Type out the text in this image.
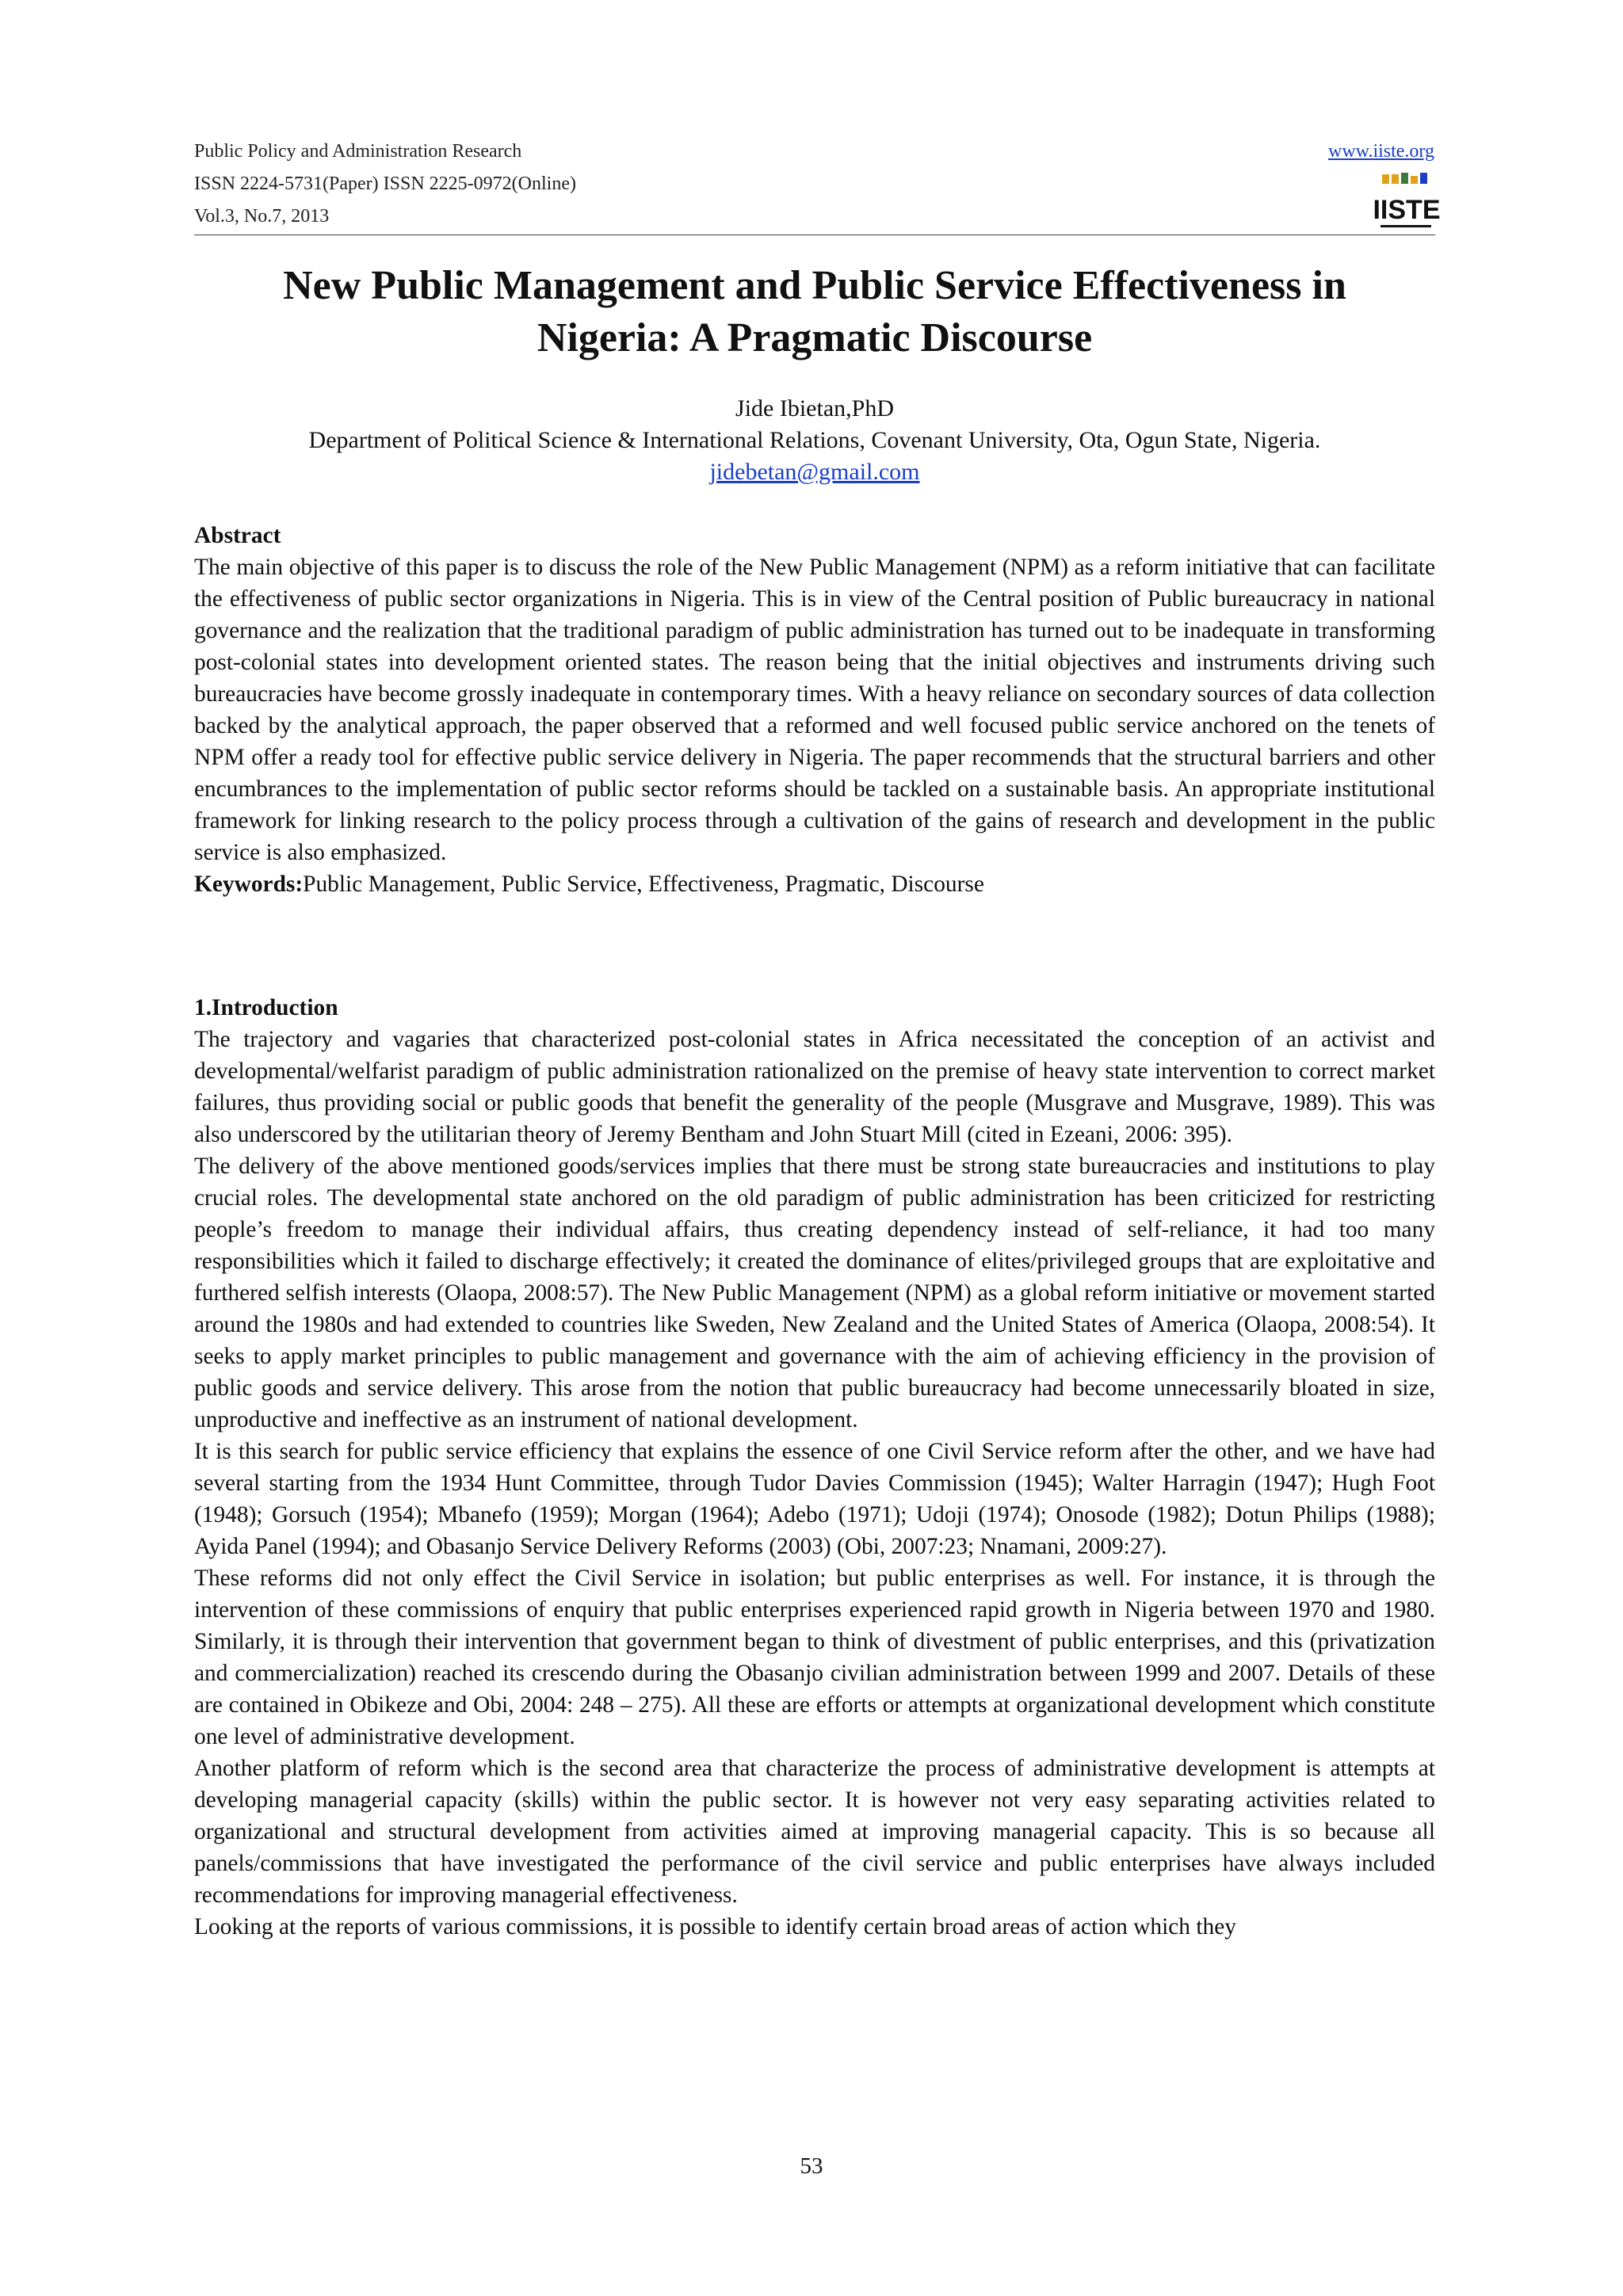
Public Policy and Administration Research
ISSN 2224-5731(Paper) ISSN 2225-0972(Online)
Vol.3, No.7, 2013
www.iiste.org
IISTE
New Public Management and Public Service Effectiveness in
Nigeria: A Pragmatic Discourse
Jide Ibietan,PhD
Department of Political Science & International Relations, Covenant University, Ota, Ogun State, Nigeria.
jidebetan@gmail.com

Abstract

The main objective of this paper is to discuss the role of the New Public Management (NPM) as a reform initiative that can facilitate the effectiveness of public sector organizations in Nigeria. This is in view of the Central position of Public bureaucracy in national governance and the realization that the traditional paradigm of public administration has turned out to be inadequate in transforming post-colonial states into development oriented states. The reason being that the initial objectives and instruments driving such bureaucracies have become grossly inadequate in contemporary times. With a heavy reliance on secondary sources of data collection backed by the analytical approach, the paper observed that a reformed and well focused public service anchored on the tenets of NPM offer a ready tool for effective public service delivery in Nigeria. The paper recommends that the structural barriers and other encumbrances to the implementation of public sector reforms should be tackled on a sustainable basis. An appropriate institutional framework for linking research to the policy process through a cultivation of the gains of research and development in the public service is also emphasized.

Keywords:Public Management, Public Service, Effectiveness, Pragmatic, Discourse

1.Introduction

The trajectory and vagaries that characterized post-colonial states in Africa necessitated the conception of an activist and developmental/welfarist paradigm of public administration rationalized on the premise of heavy state intervention to correct market failures, thus providing social or public goods that benefit the generality of the people (Musgrave and Musgrave, 1989). This was also underscored by the utilitarian theory of Jeremy Bentham and John Stuart Mill (cited in Ezeani, 2006: 395).

The delivery of the above mentioned goods/services implies that there must be strong state bureaucracies and institutions to play crucial roles. The developmental state anchored on the old paradigm of public administration has been criticized for restricting people’s freedom to manage their individual affairs, thus creating dependency instead of self-reliance, it had too many responsibilities which it failed to discharge effectively; it created the dominance of elites/privileged groups that are exploitative and furthered selfish interests (Olaopa, 2008:57). The New Public Management (NPM) as a global reform initiative or movement started around the 1980s and had extended to countries like Sweden, New Zealand and the United States of America (Olaopa, 2008:54). It seeks to apply market principles to public management and governance with the aim of achieving efficiency in the provision of public goods and service delivery. This arose from the notion that public bureaucracy had become unnecessarily bloated in size, unproductive and ineffective as an instrument of national development.

It is this search for public service efficiency that explains the essence of one Civil Service reform after the other, and we have had several starting from the 1934 Hunt Committee, through Tudor Davies Commission (1945); Walter Harragin (1947); Hugh Foot (1948); Gorsuch (1954); Mbanefo (1959); Morgan (1964); Adebo (1971); Udoji (1974); Onosode (1982); Dotun Philips (1988); Ayida Panel (1994); and Obasanjo Service Delivery Reforms (2003) (Obi, 2007:23; Nnamani, 2009:27).

These reforms did not only effect the Civil Service in isolation; but public enterprises as well. For instance, it is through the intervention of these commissions of enquiry that public enterprises experienced rapid growth in Nigeria between 1970 and 1980. Similarly, it is through their intervention that government began to think of divestment of public enterprises, and this (privatization and commercialization) reached its crescendo during the Obasanjo civilian administration between 1999 and 2007. Details of these are contained in Obikeze and Obi, 2004: 248 – 275). All these are efforts or attempts at organizational development which constitute one level of administrative development.

Another platform of reform which is the second area that characterize the process of administrative development is attempts at developing managerial capacity (skills) within the public sector. It is however not very easy separating activities related to organizational and structural development from activities aimed at improving managerial capacity. This is so because all panels/commissions that have investigated the performance of the civil service and public enterprises have always included recommendations for improving managerial effectiveness.

Looking at the reports of various commissions, it is possible to identify certain broad areas of action which they

53
